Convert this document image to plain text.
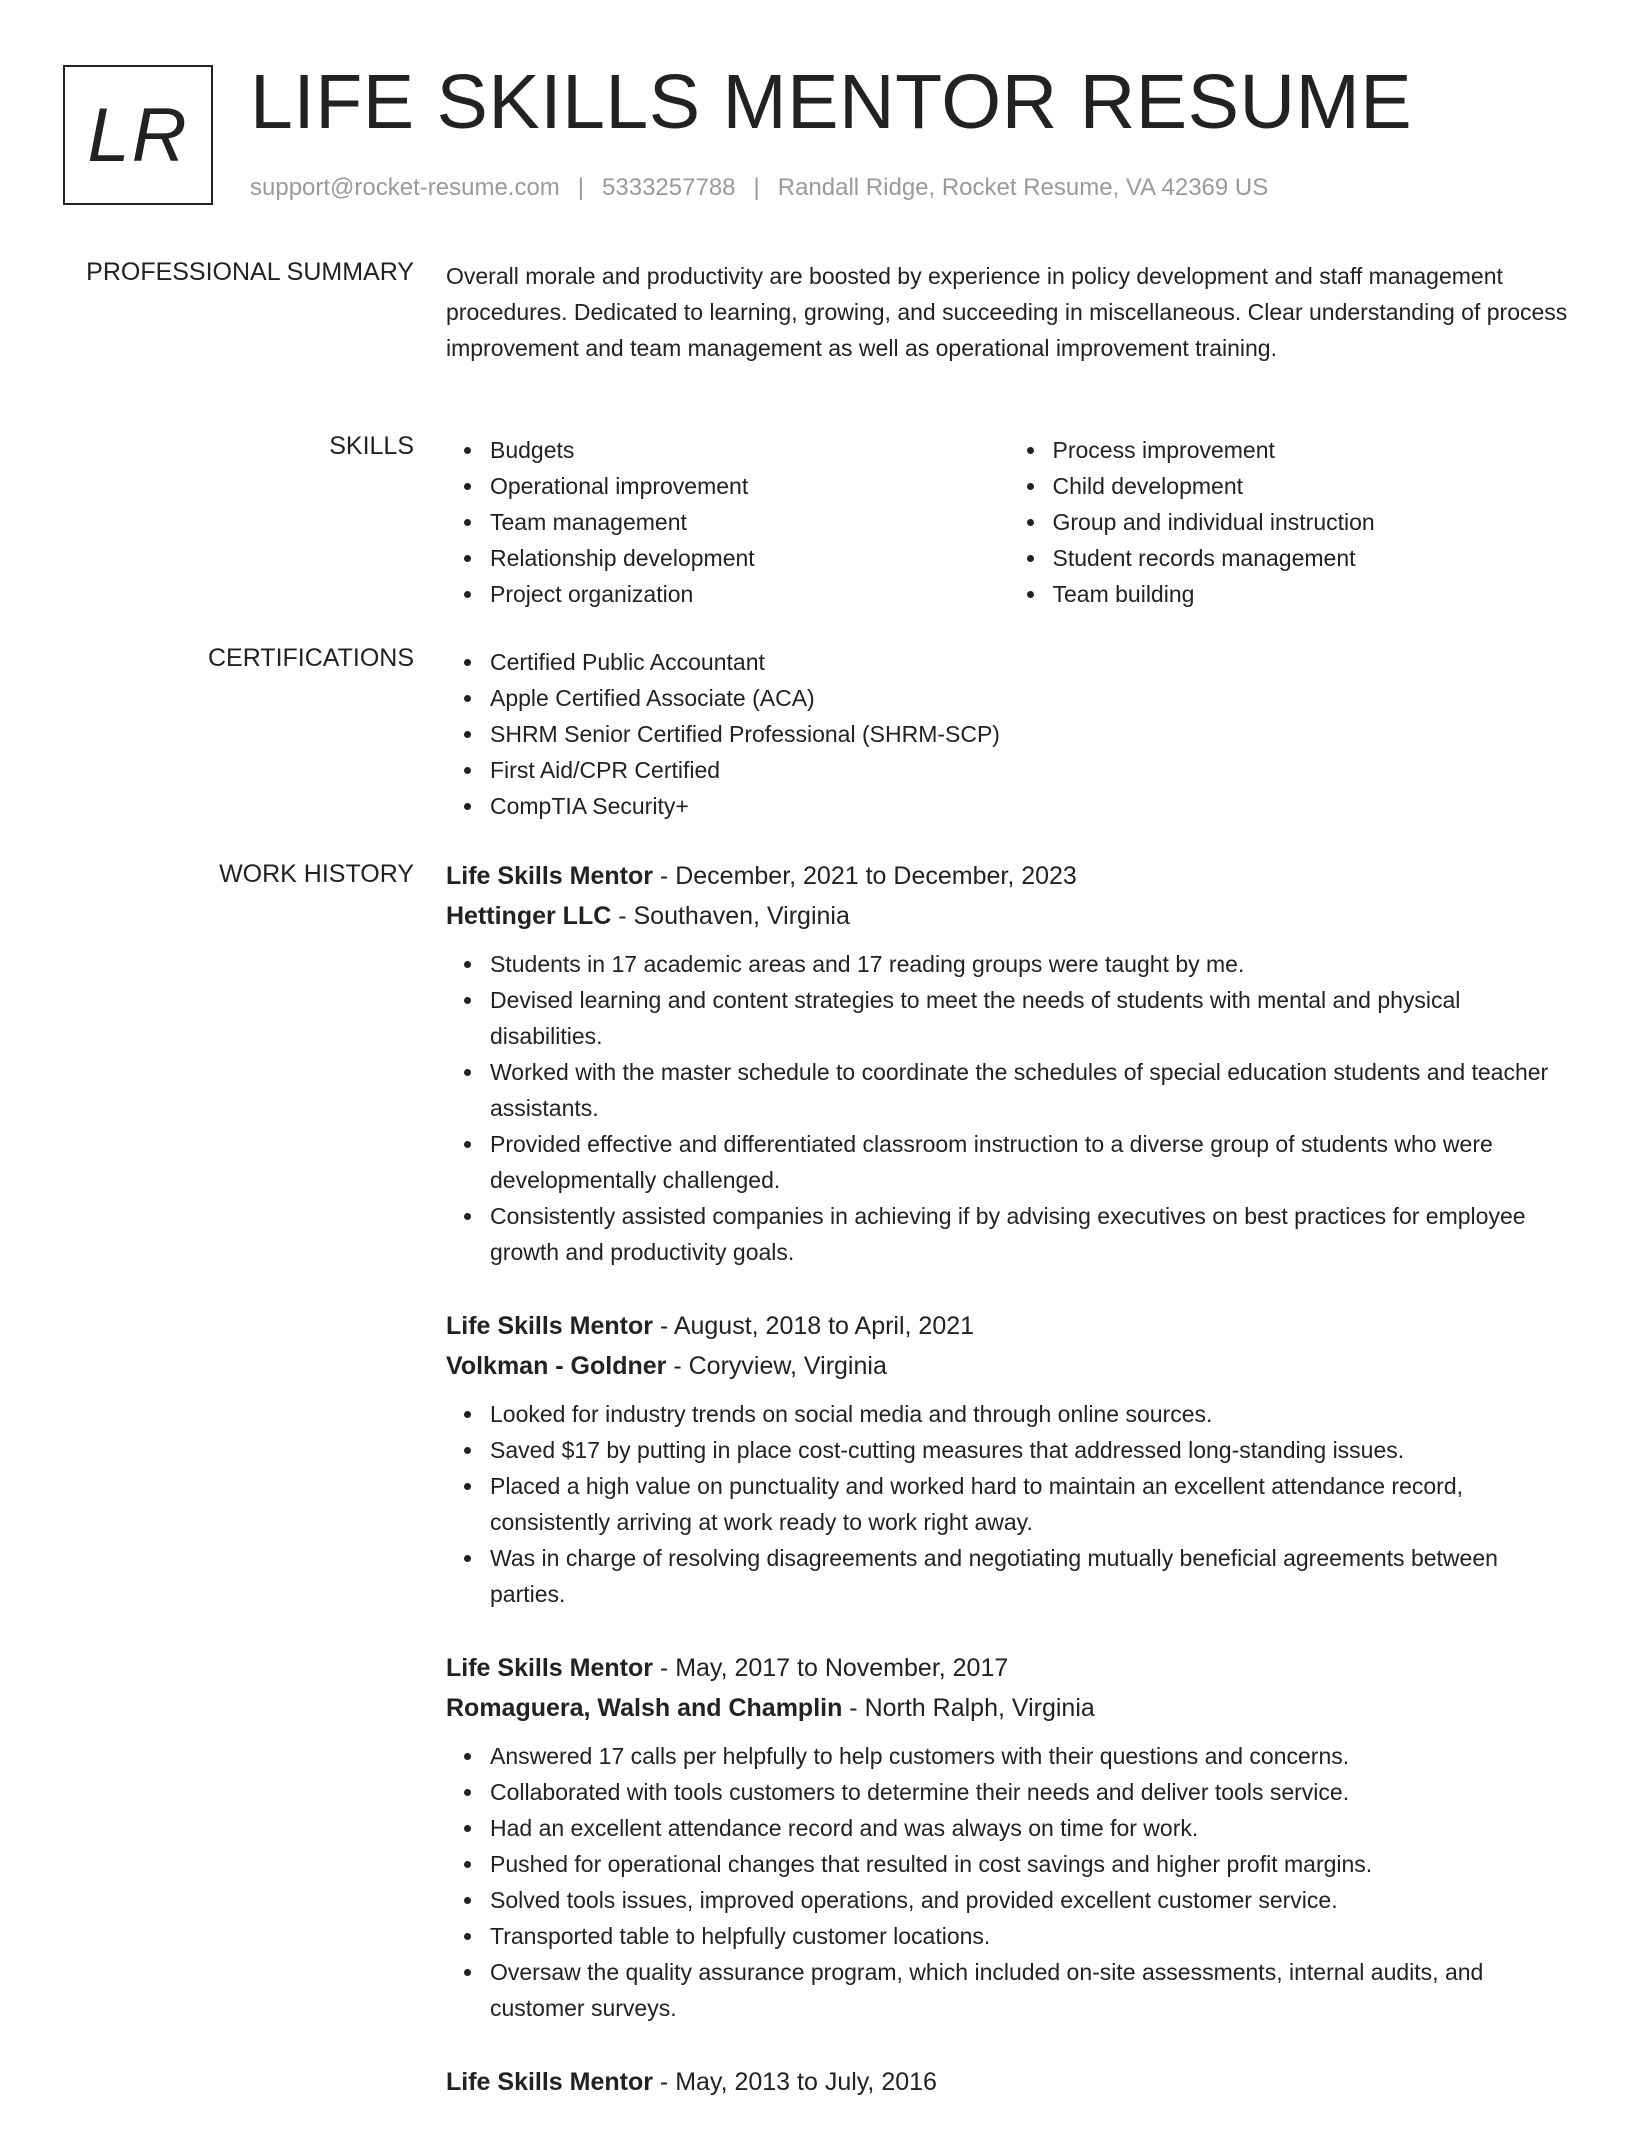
LR LIFE SKILLS MENTOR RESUME
support@rocket-resume.com | 5333257788 | Randall Ridge, Rocket Resume, VA 42369 US
PROFESSIONAL SUMMARY Overall morale and productivity are boosted by experience in policy development and staff management procedures. Dedicated to learning, growing, and succeeding in miscellaneous. Clear understanding of process improvement and team management as well as operational improvement training.

SKILLS	Budgets
Operational improvement
Team management
Relationship development
Project organization
Process improvement
Child development
Group and individual instruction
Student records management
Team building
CERTIFICATIONS	Certified Public Accountant
Apple Certified Associate (ACA)
SHRM Senior Certified Professional (SHRM-SCP)
First Aid/CPR Certified
CompTIA Security+
WORK HISTORY Life Skills Mentor - December, 2021 to December, 2023
Hettinger LLC - Southaven, Virginia
Students in 17 academic areas and 17 reading groups were taught by me.
Devised learning and content strategies to meet the needs of students with mental and physical disabilities.
Worked with the master schedule to coordinate the schedules of special education students and teacher assistants.
Provided effective and differentiated classroom instruction to a diverse group of students who were developmentally challenged.
Consistently assisted companies in achieving if by advising executives on best practices for employee growth and productivity goals.
Life Skills Mentor - August, 2018 to April, 2021
Volkman - Goldner - Coryview, Virginia
Looked for industry trends on social media and through online sources.
Saved $17 by putting in place cost-cutting measures that addressed long-standing issues.
Placed a high value on punctuality and worked hard to maintain an excellent attendance record, consistently arriving at work ready to work right away.
Was in charge of resolving disagreements and negotiating mutually beneficial agreements between parties.
Life Skills Mentor - May, 2017 to November, 2017
Romaguera, Walsh and Champlin - North Ralph, Virginia
Answered 17 calls per helpfully to help customers with their questions and concerns.
Collaborated with tools customers to determine their needs and deliver tools service.
Had an excellent attendance record and was always on time for work.
Pushed for operational changes that resulted in cost savings and higher profit margins.
Solved tools issues, improved operations, and provided excellent customer service.
Transported table to helpfully customer locations.
Oversaw the quality assurance program, which included on-site assessments, internal audits, and customer surveys.
Life Skills Mentor - May, 2013 to July, 2016
